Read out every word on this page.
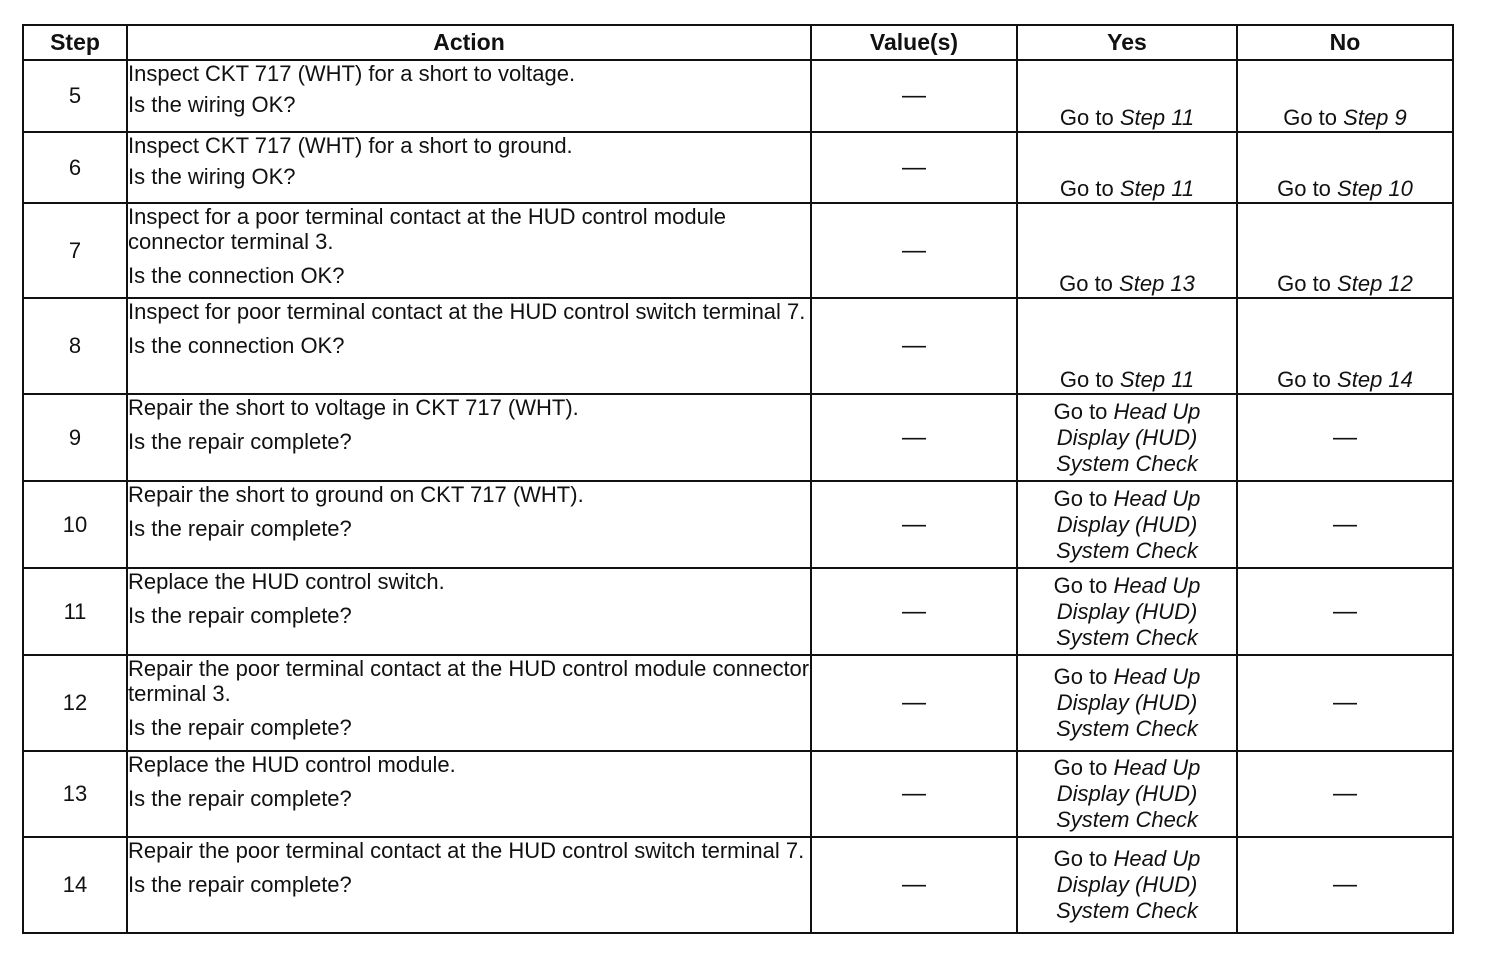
Step	Action	Value(s)	Yes	No
5	Inspect CKT 717 (WHT) for a short to voltage.
Is the wiring OK?	—	Go to Step 11	Go to Step 9
6	Inspect CKT 717 (WHT) for a short to ground.
Is the wiring OK?	—	Go to Step 11	Go to Step 10
7	Inspect for a poor terminal contact at the HUD control module connector terminal 3.
Is the connection OK?	—	Go to Step 13	Go to Step 12
8	Inspect for poor terminal contact at the HUD control switch terminal 7.
Is the connection OK?	—	Go to Step 11	Go to Step 14
9	Repair the short to voltage in CKT 717 (WHT).
Is the repair complete?	—	Go to Head Up
Display (HUD)
System Check	—
10	Repair the short to ground on CKT 717 (WHT).
Is the repair complete?	—	Go to Head Up
Display (HUD)
System Check	—
11	Replace the HUD control switch.
Is the repair complete?	—	Go to Head Up
Display (HUD)
System Check	—
12	Repair the poor terminal contact at the HUD control module connector terminal 3.
Is the repair complete?	—	Go to Head Up
Display (HUD)
System Check	—
13	Replace the HUD control module.
Is the repair complete?	—	Go to Head Up
Display (HUD)
System Check	—
14	Repair the poor terminal contact at the HUD control switch terminal 7.
Is the repair complete?	—	Go to Head Up
Display (HUD)
System Check	—
